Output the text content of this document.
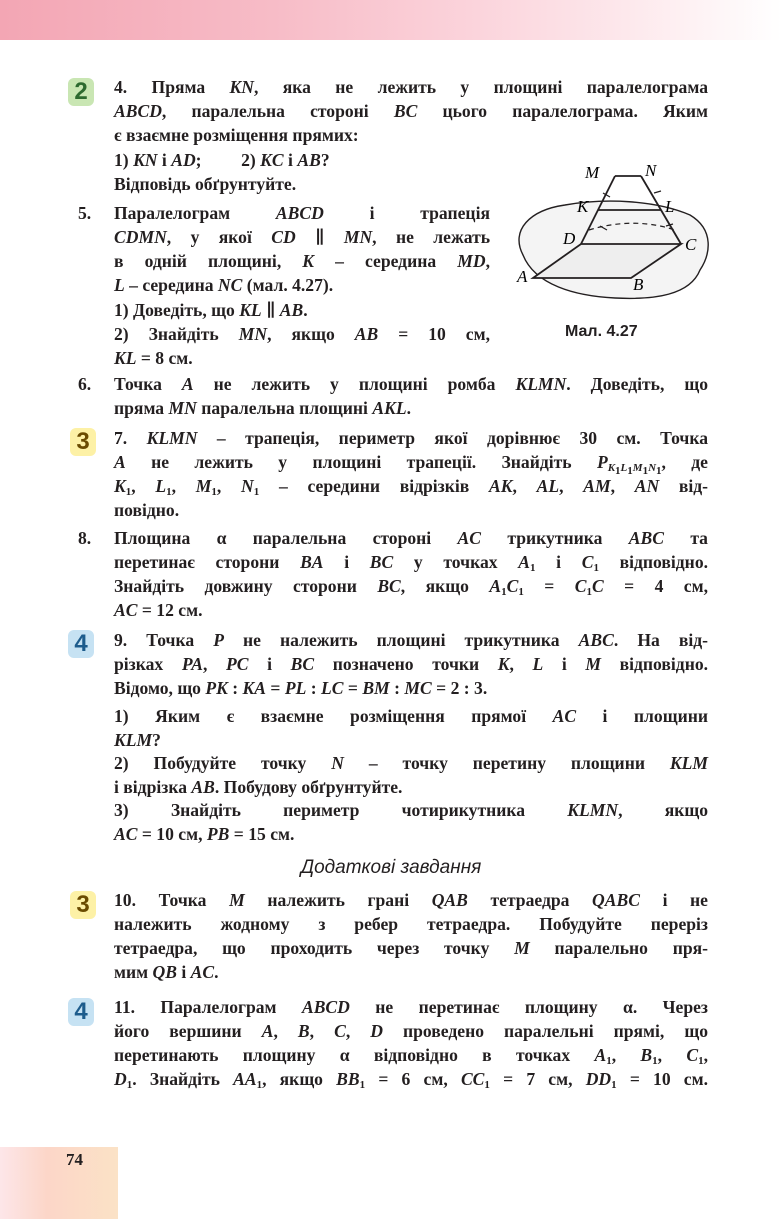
2	4. Пряма KN, яка не лежить у площині паралелограма
ABCD, паралельна стороні BC цього паралелограма. Яким
є взаємне розміщення прямих:
1) KN і AD;         2) KC і AB?
Відповідь обґрунтуйте.
5. Паралелограм ABCD і трапеція
CDMN, у якої CD ∥ MN, не лежать
в одній площині, K – середина MD,
L – середина NC (мал. 4.27).
1) Доведіть, що KL ∥ AB.
2) Знайдіть MN, якщо AB = 10 см,
KL = 8 см.
M	N
K	L
D	C
A	B
Мал. 4.27
6. Точка A не лежить у площині ромба KLMN. Доведіть, що
пряма MN паралельна площині AKL.
3	7. KLMN – трапеція, периметр якої дорівнює 30 см. Точка
A не лежить у площині трапеції. Знайдіть $P_{K_1L_1M_1N_1}$, де
$K_1$, $L_1$, $M_1$, $N_1$ – середини відрізків AK, AL, AM, AN від-
повідно.
8. Площина α паралельна стороні AC трикутника ABC та
перетинає сторони BA і BC у точках $A_1$ і $C_1$ відповідно.
Знайдіть довжину сторони BC, якщо $A_1C_1 = C_1C = 4$ см,
AC = 12 см.
4	9. Точка P не належить площині трикутника ABC. На від-
різках PA, PC і BC позначено точки K, L і M відповідно.
Відомо, що PK : KA = PL : LC = BM : MC = 2 : 3.
1) Яким є взаємне розміщення прямої AC і площини
KLM?
2) Побудуйте точку N – точку перетину площини KLM
і відрізка AB. Побудову обґрунтуйте.
3) Знайдіть периметр чотирикутника KLMN, якщо
AC = 10 см, PB = 15 см.
Додаткові завдання
3	10. Точка M належить грані QAB тетраедра QABC і не
належить жодному з ребер тетраедра. Побудуйте переріз
тетраедра, що проходить через точку M паралельно пря-
мим QB і AC.
4	11. Паралелограм ABCD не перетинає площину α. Через
його вершини A, B, C, D проведено паралельні прямі, що
перетинають площину α відповідно в точках $A_1$, $B_1$, $C_1$,
$D_1$. Знайдіть $AA_1$, якщо $BB_1 = 6$ см, $CC_1 = 7$ см, $DD_1 = 10$ см.
74
